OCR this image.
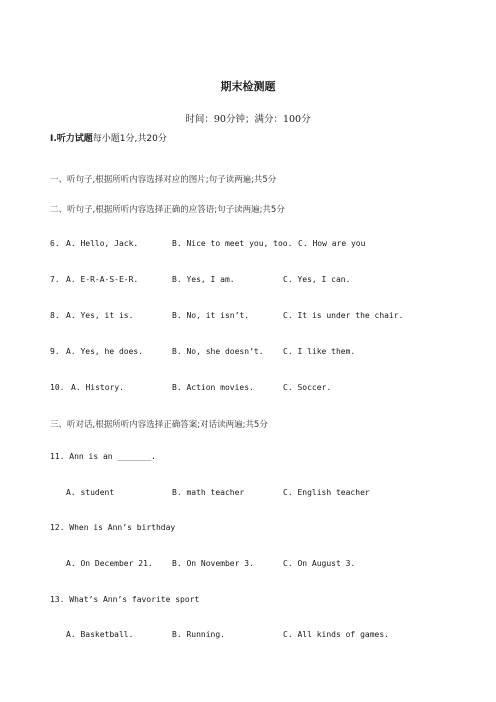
期末检测题
时间：90分钟；满分：100分
Ⅰ.听力试题每小题1分,共20分
一、听句子,根据所听内容选择对应的图片;句子读两遍;共5分
二、听句子,根据所听内容选择正确的应答语;句子读两遍;共5分
6. A. Hello, Jack.	B. Nice to meet you, too. C. How are you
7. A. E-R-A-S-E-R.	B. Yes, I am.	C. Yes, I can.
8. A. Yes, it is.	B. No, it isn’t.	C. It is under the chair.
9. A. Yes, he does.	B. No, she doesn’t. C. I like them.
10. A. History.	B. Action movies.	C. Soccer.
三、听对话,根据所听内容选择正确答案;对话读两遍;共5分
11. Ann is an _______.
A. student	B. math teacher	C. English teacher
12. When is Ann’s birthday
A. On December 21. B. On November 3.	C. On August 3.
13. What’s Ann’s favorite sport
A. Basketball.	B. Running.	C. All kinds of games.
